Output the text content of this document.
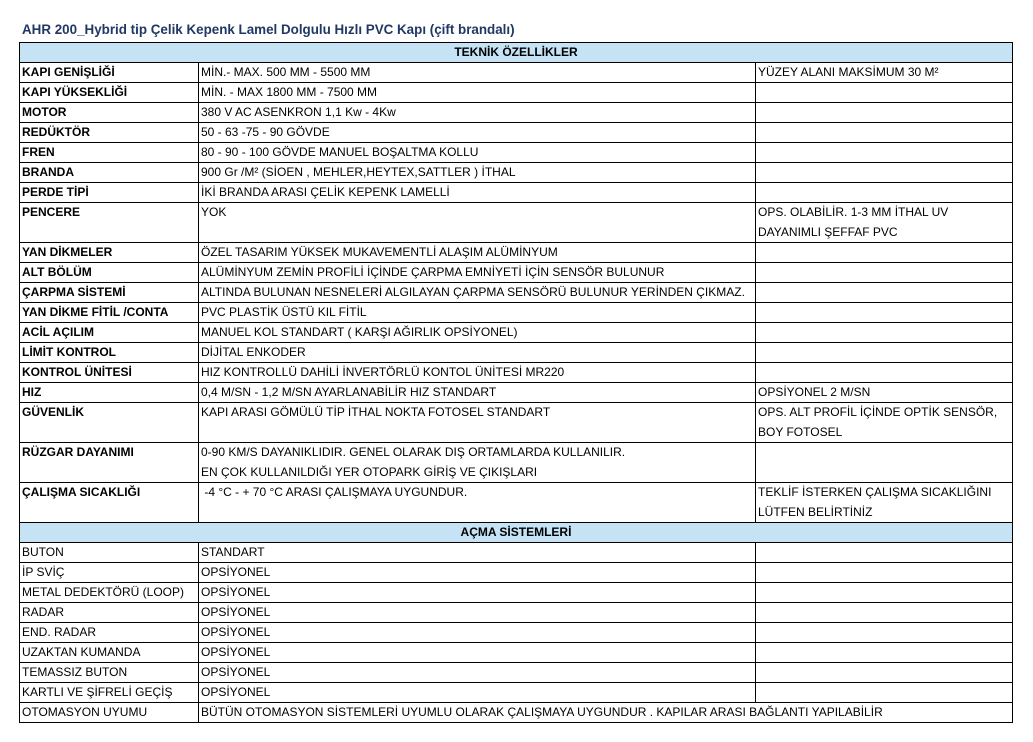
AHR 200_Hybrid tip Çelik Kepenk Lamel Dolgulu Hızlı PVC Kapı (çift brandalı)
TEKNİK ÖZELLİKLER
KAPI GENİŞLİĞİ	MİN.- MAX. 500 MM - 5500 MM	YÜZEY ALANI MAKSİMUM 30 M²
KAPI YÜKSEKLİĞİ	MİN. - MAX 1800 MM - 7500 MM
MOTOR	380 V AC ASENKRON 1,1 Kw - 4Kw
REDÜKTÖR	50 - 63 -75 - 90 GÖVDE
FREN	80 - 90 - 100 GÖVDE MANUEL BOŞALTMA KOLLU
BRANDA	900 Gr /M² (SİOEN , MEHLER,HEYTEX,SATTLER ) İTHAL
PERDE TİPİ	İKİ BRANDA ARASI ÇELİK KEPENK LAMELLİ
PENCERE	YOK	OPS. OLABİLİR. 1-3 MM İTHAL UV
DAYANIMLI ŞEFFAF PVC
YAN DİKMELER	ÖZEL TASARIM YÜKSEK MUKAVEMENTLİ ALAŞIM ALÜMİNYUM
ALT BÖLÜM	ALÜMİNYUM ZEMİN PROFİLİ İÇİNDE ÇARPMA EMNİYETİ İÇİN SENSÖR BULUNUR
ÇARPMA SİSTEMİ	ALTINDA BULUNAN NESNELERİ ALGILAYAN ÇARPMA SENSÖRÜ BULUNUR YERİNDEN ÇIKMAZ.
YAN DİKME FİTİL /CONTA	PVC PLASTİK ÜSTÜ KIL FİTİL
ACİL AÇILIM	MANUEL KOL STANDART ( KARŞI AĞIRLIK OPSİYONEL)
LİMİT KONTROL	DİJİTAL ENKODER
KONTROL ÜNİTESİ	HIZ KONTROLLÜ DAHİLİ İNVERTÖRLÜ KONTOL ÜNİTESİ MR220
HIZ	0,4 M/SN - 1,2 M/SN AYARLANABİLİR HIZ STANDART	OPSİYONEL 2 M/SN
GÜVENLİK	KAPI ARASI GÖMÜLÜ TİP İTHAL NOKTA FOTOSEL STANDART	OPS. ALT PROFİL İÇİNDE OPTİK SENSÖR,
BOY FOTOSEL
RÜZGAR DAYANIMI	0-90 KM/S DAYANIKLIDIR. GENEL OLARAK DIŞ ORTAMLARDA KULLANILIR.
EN ÇOK KULLANILDIĞI YER OTOPARK GİRİŞ VE ÇIKIŞLARI
ÇALIŞMA SICAKLIĞI	-4 °C - + 70 °C ARASI ÇALIŞMAYA UYGUNDUR.	TEKLİF İSTERKEN ÇALIŞMA SICAKLIĞINI
LÜTFEN BELİRTİNİZ
AÇMA SİSTEMLERİ
BUTON	STANDART
İP SVİÇ	OPSİYONEL
METAL DEDEKTÖRÜ (LOOP)	OPSİYONEL
RADAR	OPSİYONEL
END. RADAR	OPSİYONEL
UZAKTAN KUMANDA	OPSİYONEL
TEMASSIZ BUTON	OPSİYONEL
KARTLI VE ŞİFRELİ GEÇİŞ	OPSİYONEL
OTOMASYON UYUMU	BÜTÜN OTOMASYON SİSTEMLERİ UYUMLU OLARAK ÇALIŞMAYA UYGUNDUR . KAPILAR ARASI BAĞLANTI YAPILABİLİR
